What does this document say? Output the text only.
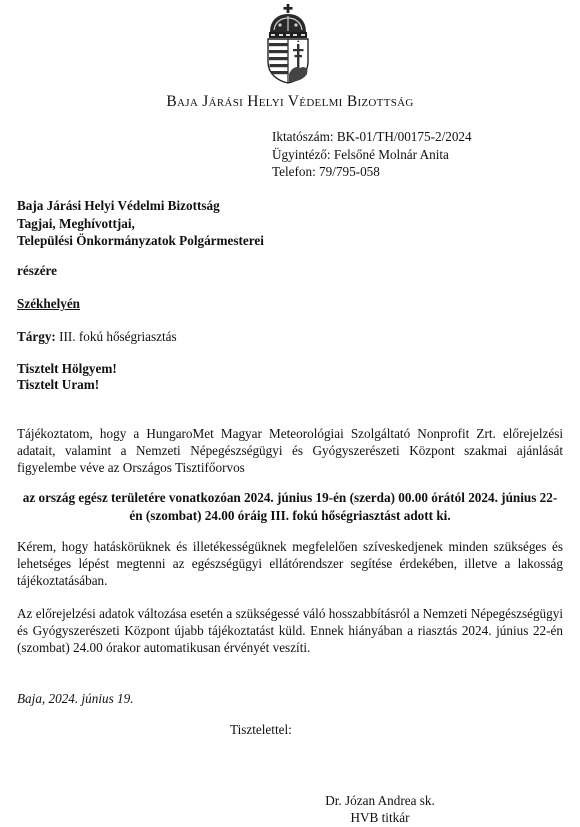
Baja Járási Helyi Védelmi Bizottság
Iktatószám: BK-01/TH/00175-2/2024
Ügyintéző: Felsőné Molnár Anita
Telefon: 79/795-058
Baja Járási Helyi Védelmi Bizottság
Tagjai, Meghívottjai,
Települési Önkormányzatok Polgármesterei
részére
Székhelyén
Tárgy: III. fokú hőségriasztás
Tisztelt Hölgyem!
Tisztelt Uram!
Tájékoztatom, hogy a HungaroMet Magyar Meteorológiai Szolgáltató Nonprofit Zrt. előrejelzési adatait, valamint a Nemzeti Népegészségügyi és Gyógyszerészeti Központ szakmai ajánlását figyelembe véve az Országos Tisztifőorvos
az ország egész területére vonatkozóan 2024. június 19-én (szerda) 00.00 órától 2024. június 22-én (szombat) 24.00 óráig III. fokú hőségriasztást adott ki.
Kérem, hogy hatáskörüknek és illetékességüknek megfelelően szíveskedjenek minden szükséges és lehetséges lépést megtenni az egészségügyi ellátórendszer segítése érdekében, illetve a lakosság tájékoztatásában.
Az előrejelzési adatok változása esetén a szükségessé váló hosszabbításról a Nemzeti Népegészségügyi és Gyógyszerészeti Központ újabb tájékoztatást küld. Ennek hiányában a riasztás 2024. június 22-én (szombat) 24.00 órakor automatikusan érvényét veszíti.
Baja, 2024. június 19.
Tisztelettel:
Dr. Józan Andrea sk.
HVB titkár
